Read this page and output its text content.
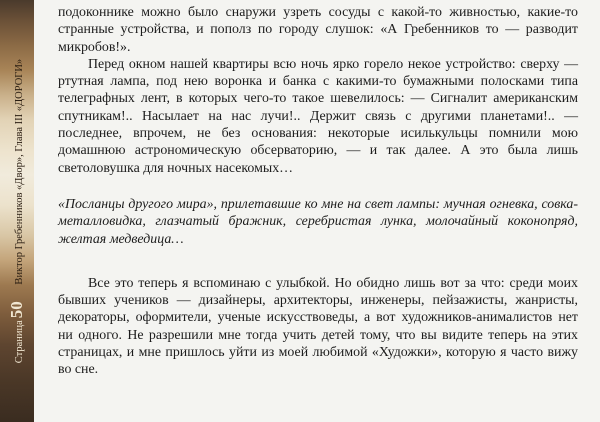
Страница50 Виктор Гребенников «Двор», Глава III «ДОРОГИ»

подоконнике можно было снаружи узреть сосуды с какой-то живностью, какие-то странные устройства, и пополз по городу слушок: «А Гребенников то — разводит микробов!».

Перед окном нашей квартиры всю ночь ярко горело некое устройство: сверху — ртутная лампа, под нею воронка и банка с какими-то бумажными полосками типа телеграфных лент, в которых чего-то такое шевелилось: — Сигналит американским спутникам!.. Насылает на нас лучи!.. Держит связь с другими планетами!.. — последнее, впрочем, не без основания: некоторые исилькульцы помнили мою домашнюю астрономическую обсерваторию, — и так далее. А это была лишь светоловушка для ночных насекомых…

«Посланцы другого мира», прилетавшие ко мне на свет лампы: мучная огневка, совка-металловидка, глазчатый бражник, серебристая лунка, молочайный коконопряд, желтая медведица…

Все это теперь я вспоминаю с улыбкой. Но обидно лишь вот за что: среди моих бывших учеников — дизайнеры, архитекторы, инженеры, пейзажисты, жанристы, декораторы, оформители, ученые искусствоведы, а вот художников-анималистов нет ни одного. Не разрешили мне тогда учить детей тому, что вы видите теперь на этих страницах, и мне пришлось уйти из моей любимой «Художки», которую я часто вижу во сне.
